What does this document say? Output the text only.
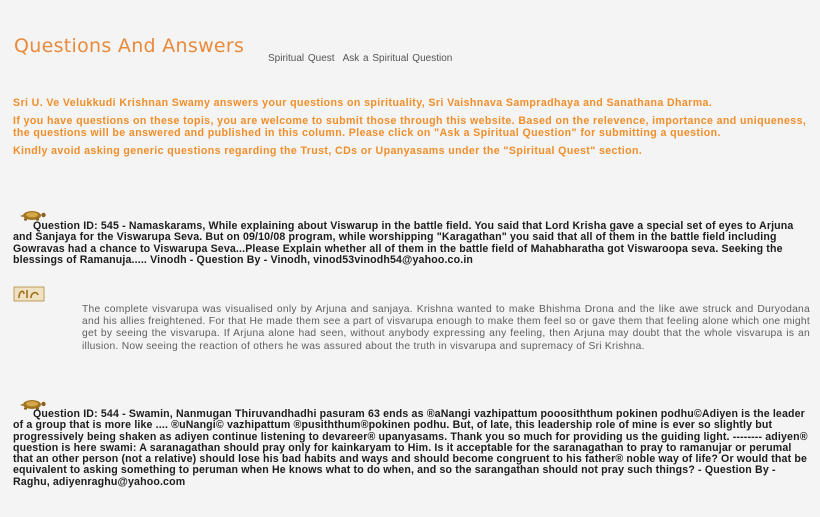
Questions And Answers
Spiritual Quest Ask a Spiritual Question

Sri U. Ve Velukkudi Krishnan Swamy answers your questions on spirituality, Sri Vaishnava Sampradhaya and Sanathana Dharma.

If you have questions on these topis, you are welcome to submit those through this website. Based on the relevence, importance and uniqueness, the questions will be answered and published in this column. Please click on "Ask a Spiritual Question" for submitting a question.

Kindly avoid asking generic questions regarding the Trust, CDs or Upanyasams under the "Spiritual Quest" section.

Question ID: 545 - Namaskarams, While explaining about Viswarup in the battle field. You said that Lord Krisha gave a special set of eyes to Arjuna and Sanjaya for the Viswarupa Seva. But on 09/10/08 program, while worshipping "Karagathan" you said that all of them in the battle field including Gowravas had a chance to Viswarupa Seva...Please Explain whether all of them in the battle field of Mahabharatha got Viswaroopa seva. Seeking the blessings of Ramanuja..... Vinodh - Question By - Vinodh, vinod53vinodh54@yahoo.co.in
The complete visvarupa was visualised only by Arjuna and sanjaya. Krishna wanted to make Bhishma Drona and the like awe struck and Duryodana and his allies freightened. For that He made them see a part of visvarupa enough to make them feel so or gave them that feeling alone which one might get by seeing the visvarupa. If Arjuna alone had seen, without anybody expressing any feeling, then Arjuna may doubt that the whole visvarupa is an illusion. Now seeing the reaction of others he was assured about the truth in visvarupa and supremacy of Sri Krishna.
Question ID: 544 - Swamin, Nanmugan Thiruvandhadhi pasuram 63 ends as ®aNangi vazhipattum pooosiththum pokinen podhu©Adiyen is the leader of a group that is more like .... ®uNangi© vazhipattum ®pusiththum®pokinen podhu. But, of late, this leadership role of mine is ever so slightly but progressively being shaken as adiyen continue listening to devareer® upanyasams. Thank you so much for providing us the guiding light. -------- adiyen® question is here swami: A saranagathan should pray only for kainkaryam to Him. Is it acceptable for the saranagathan to pray to ramanujar or perumal that an other person (not a relative) should lose his bad habits and ways and should become congruent to his father® noble way of life? Or would that be equivalent to asking something to peruman when He knows what to do when, and so the sarangathan should not pray such things? - Question By - Raghu, adiyenraghu@yahoo.com
